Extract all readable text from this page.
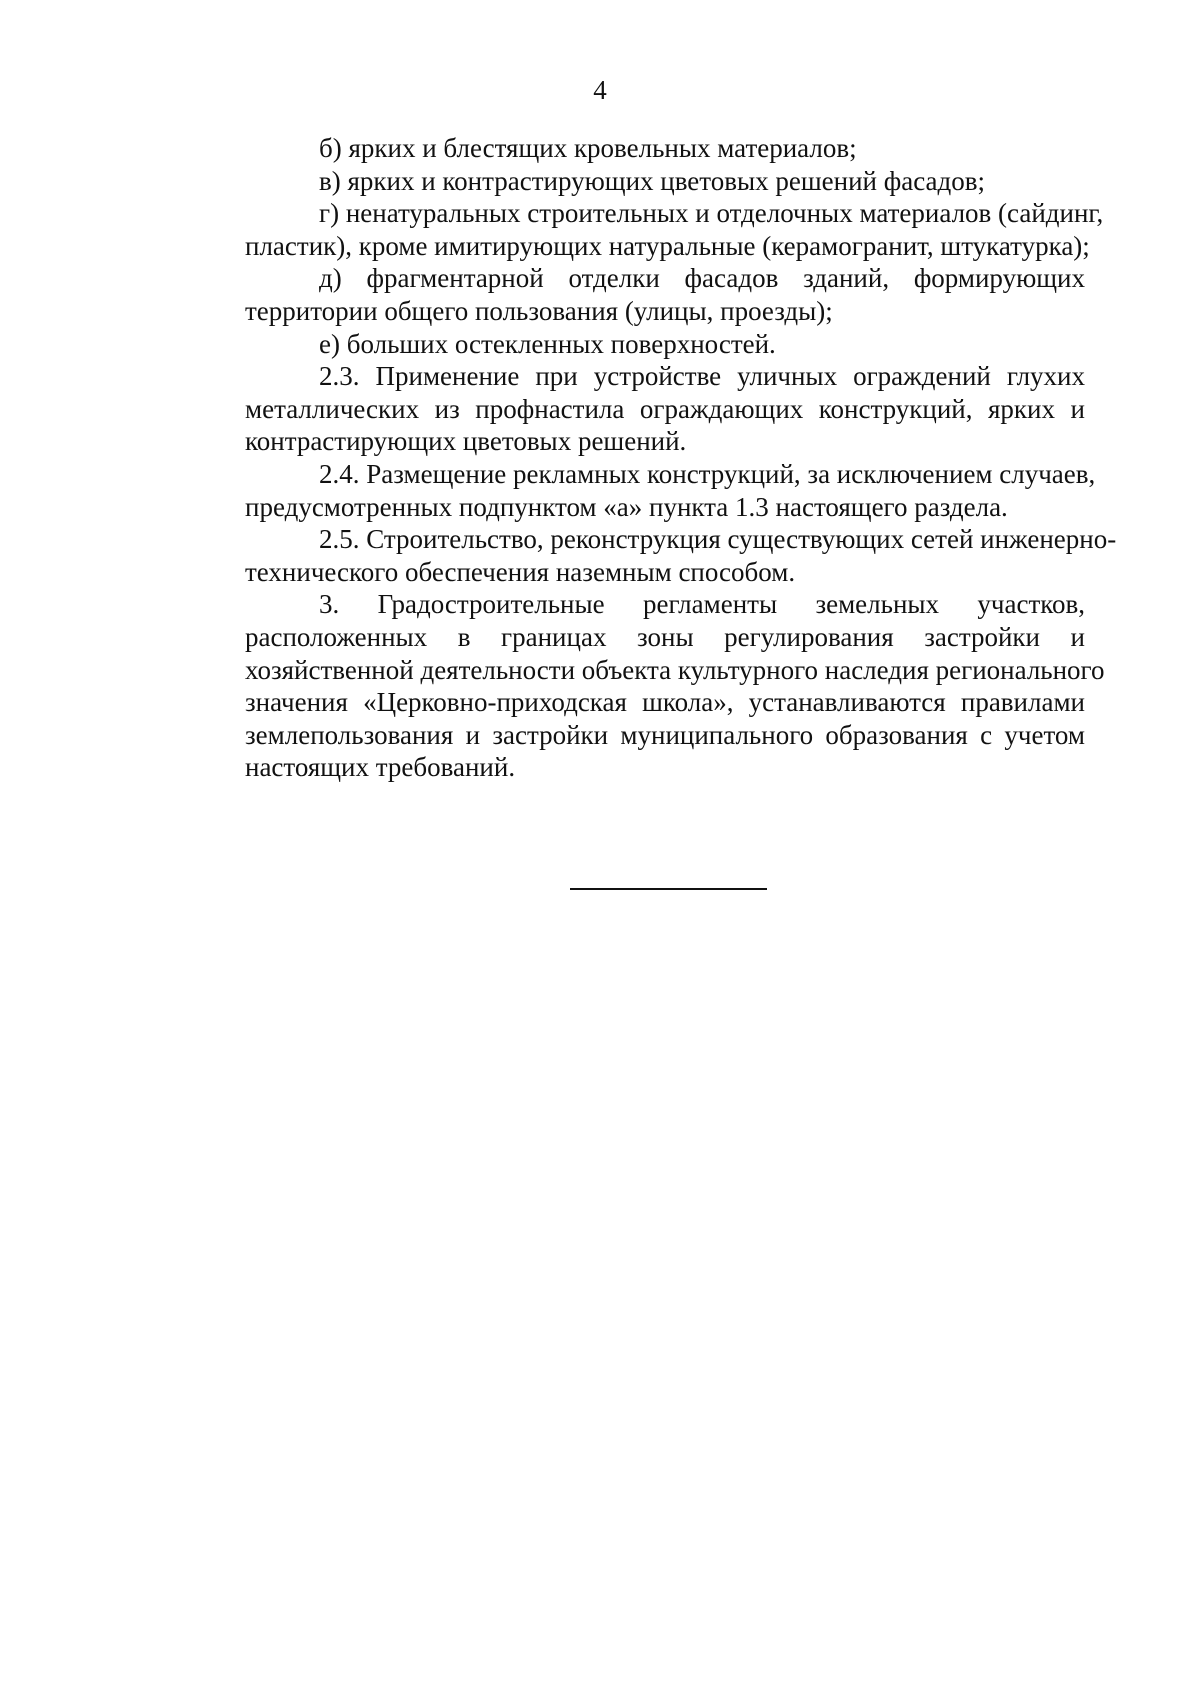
4
б) ярких и блестящих кровельных материалов;
в) ярких и контрастирующих цветовых решений фасадов;
г) ненатуральных строительных и отделочных материалов (сайдинг,
пластик), кроме имитирующих натуральные (керамогранит, штукатурка);
д) фрагментарной отделки фасадов зданий, формирующих
территории общего пользования (улицы, проезды);
е) больших остекленных поверхностей.
2.3. Применение при устройстве уличных ограждений глухих
металлических из профнастила ограждающих конструкций, ярких и
контрастирующих цветовых решений.
2.4. Размещение рекламных конструкций, за исключением случаев,
предусмотренных подпунктом «а» пункта 1.3 настоящего раздела.
2.5. Строительство, реконструкция существующих сетей инженерно-
технического обеспечения наземным способом.
3. Градостроительные регламенты земельных участков,
расположенных в границах зоны регулирования застройки и
хозяйственной деятельности объекта культурного наследия регионального
значения «Церковно-приходская школа», устанавливаются правилами
землепользования и застройки муниципального образования с учетом
настоящих требований.
